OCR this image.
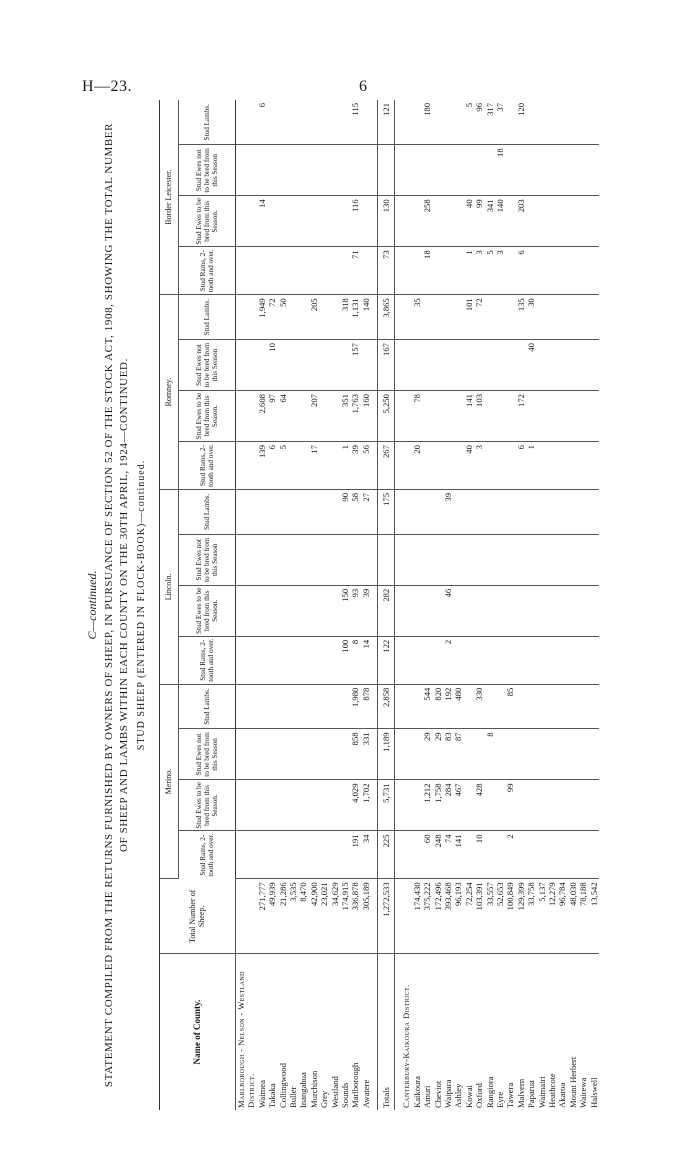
H—23.	6
C—continued. STATEMENT COMPILED FROM THE RETURNS FURNISHED BY OWNERS OF SHEEP, IN PURSUANCE OF SECTION 52 OF THE STOCK ACT, 1908, SHOWING THE TOTAL NUMBER OF SHEEP AND LAMBS WITHIN EACH COUNTY ON THE 30TH APRIL, 1924—CONTINUED. STUD SHEEP (ENTERED IN FLOCK-BOOK)—continued.
Name of County.	Total Number of Sheep.	Merino.				Lincoln.				Romney.				Border Leicester.			
		Stud Rams, 2-tooth and over.	Stud Ewes to be bred from this Season.	Stud Ewes not to be bred from this Season	Stud Lambs.	Stud Rams, 2-tooth and over.	Stud Ewes to be bred from this Season.	Stud Ewes not to be bred from this Season	Stud Lambs.	Stud Rams, 2-tooth and over.	Stud Ewes to be bred from this Season.	Stud Ewes not to be bred from this Season	Stud Lambs.	Stud Rams, 2-tooth and over.	Stud Ewes to be bred from this Season.	Stud Ewes not to be bred from this Season	Stud Lambs.
Marlborough - Nelson - Westland District.																	
Waimea	271,777									139	2,608		1,949		14		6
Takaka	49,939									6	97	10	72				
Collingwood	21,286									5	64		50				
Buller	3,535																
Inangahua	8,470																
Murchison	42,900									17	207		205				
Grey	23,021																
Westland	34,629																
Sounds	174,915					100	150		90	1	351		318				
Marlborough	336,878	191	4,029	858	1,980	8	93		58	39	1,763	157	1,131	71	116		115
Awatere	305,189	34	1,702	331	878	14	39		27	56	160		140				

Totals	1,272,533	225	5,731	1,189	2,858	122	282		175	267	5,250	167	3,865	73	130		121

Canterbury-Kaikoura District.																	
Kaikoura	174,430									20	78		35				
Amuri	375,222	60	1,212	29	544									18	258		180
Cheviot	172,496	248	1,758	29	820												
Waipara	393,468	74	284	83	192	2	46		39								
Ashley	96,193	141	467	87	480												
Kowai	72,254									40	141		101	1	40		5
Oxford	103,391	10	428		330					3	103		72	3	99		96
Rangiora	33,557			8										5	341		317
Eyre	52,653													3	140	18	37
Tawera	100,849	2	99		85												
Malvern	129,399									6	172		135	6	203		120
Paparua	33,758									1		40	30				
Waimairi	5,137																
Heathcote	12,279																
Akaroa	96,784																
Mount Herbert	48,030																
Wairewa	78,188																
Halswell	13,542																
